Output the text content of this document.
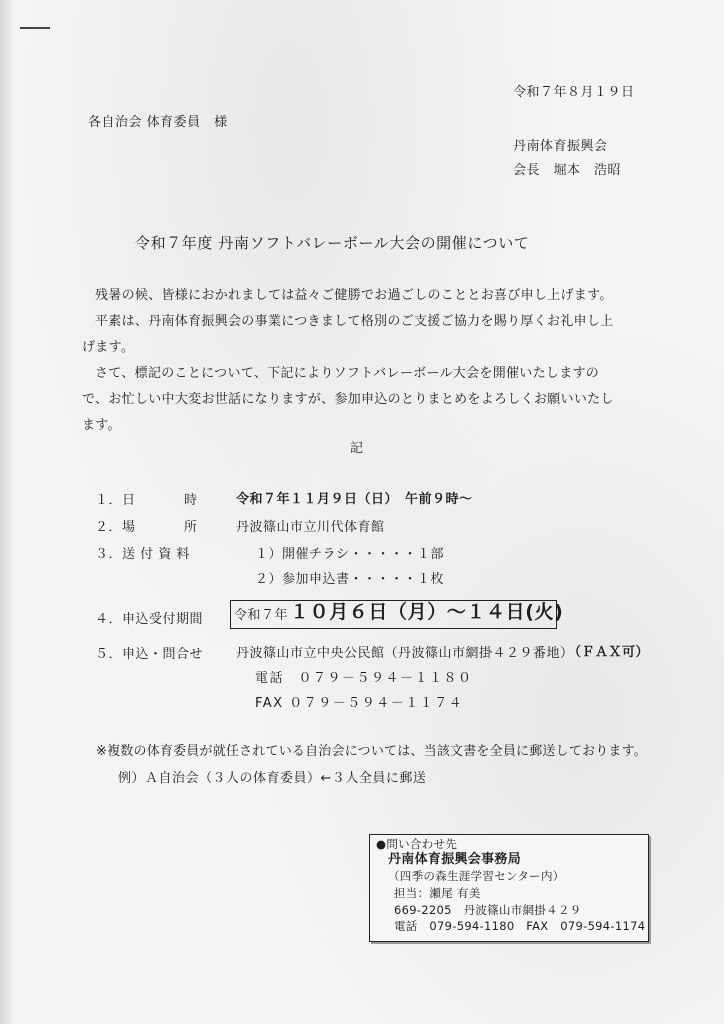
令和７年８月１９日
各自治会 体育委員　様
丹南体育振興会
会長　堀本　浩昭
令和７年度 丹南ソフトバレーボール大会の開催について
残暑の候、皆様におかれましては益々ご健勝でお過ごしのこととお喜び申し上げます。
平素は、丹南体育振興会の事業につきまして格別のご支援ご協力を賜り厚くお礼申し上げます。
さて、標記のことについて、下記によりソフトバレーボール大会を開催いたしますので、お忙しい中大変お世話になりますが、参加申込のとりまとめをよろしくお願いいたします。
記
１． 日	時	令和７年１１月９日（日）　午前９時～
２． 場	所	丹波篠山市立川代体育館
３．送 付 資 料	１）開催チラシ・・・・・１部
２）参加申込書・・・・・１枚
４．申込受付期間 令和７年 １０月６日（月）～１４日(火)
５．申込・問合せ	丹波篠山市立中央公民館（丹波篠山市網掛４２９番地）
（ＦＡＸ可）
電話　０７９－５９４－１１８０
FAX ０７９－５９４－１１７４
※複数の体育委員が就任されている自治会については、当該文書を全員に郵送しております。
例）Ａ自治会（３人の体育委員）←３人全員に郵送
●問い合わせ先
丹南体育振興会事務局
（四季の森生涯学習センター内）
担当：瀬尾 有美
669-2205　丹波篠山市網掛４２９
電話　079-594-1180　FAX　079-594-1174
